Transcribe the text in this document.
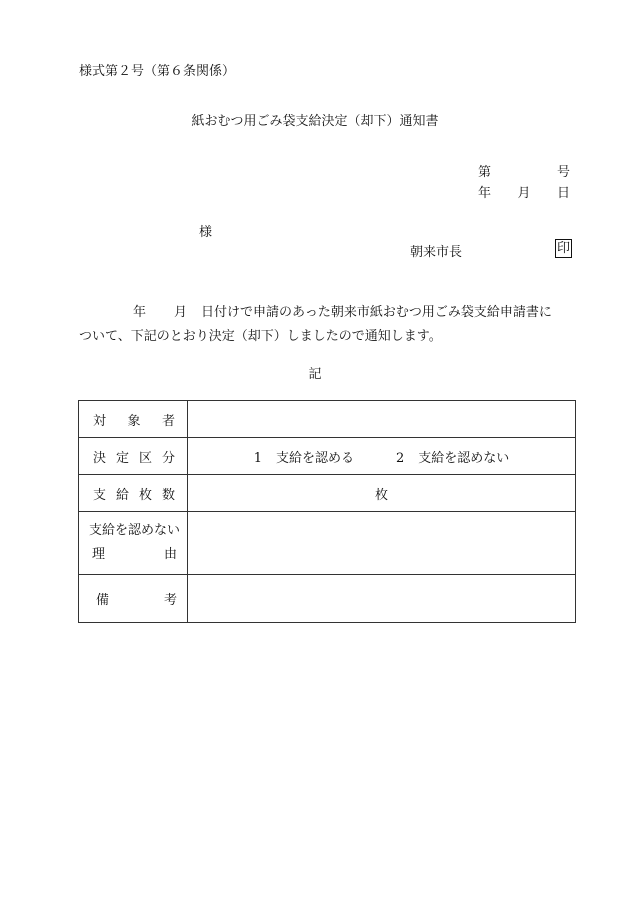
様式第２号（第６条関係）
紙おむつ用ごみ袋支給決定（却下）通知書
第	号
年 月 日
様
朝来市長	印
年 月 日付けで申請のあった朝来市紙おむつ用ごみ袋支給申請書に
ついて、下記のとおり決定（却下）しましたので通知します。
記
対 象 者	

決 定 区 分	1 支給を認める 2 支給を認めない

支 給 枚 数	枚

支給を認めない
理 由	

備 考	
